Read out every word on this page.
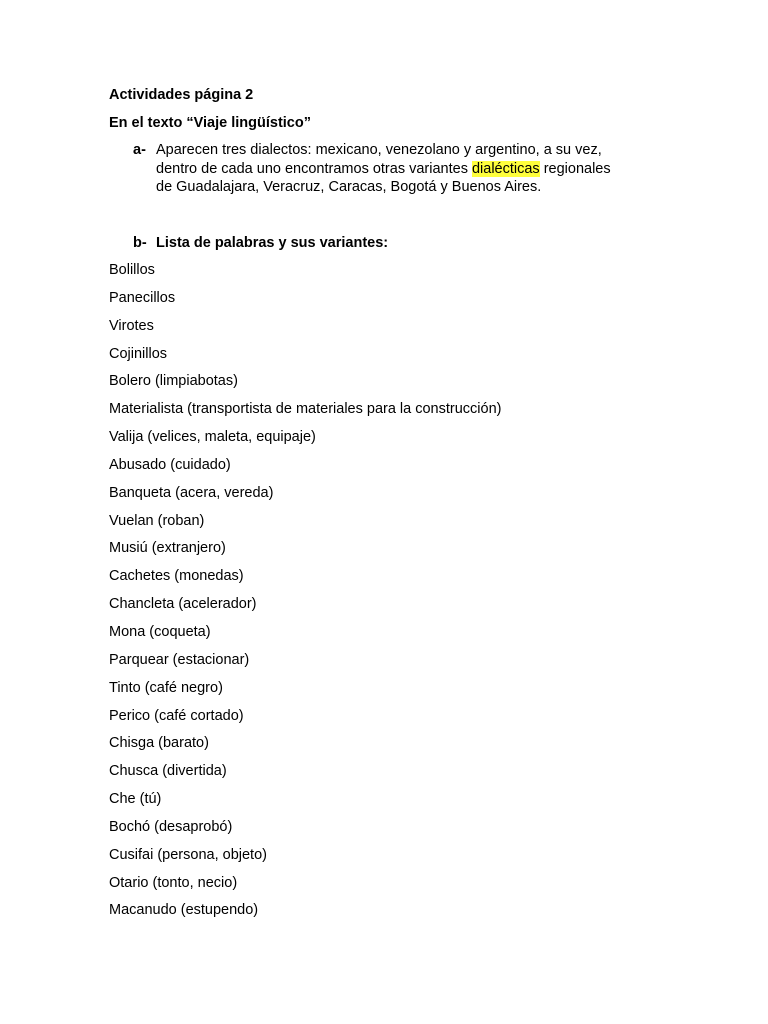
Actividades página 2
En el texto “Viaje lingüístico”
a- Aparecen tres dialectos: mexicano, venezolano y argentino, a su vez,
dentro de cada uno encontramos otras variantes dialécticas regionales
de Guadalajara, Veracruz, Caracas, Bogotá y Buenos Aires.
b- Lista de palabras y sus variantes:
Bolillos
Panecillos
Virotes
Cojinillos
Bolero (limpiabotas)
Materialista (transportista de materiales para la construcción)
Valija (velices, maleta, equipaje)
Abusado (cuidado)
Banqueta (acera, vereda)
Vuelan (roban)
Musiú (extranjero)
Cachetes (monedas)
Chancleta (acelerador)
Mona (coqueta)
Parquear (estacionar)
Tinto (café negro)
Perico (café cortado)
Chisga (barato)
Chusca (divertida)
Che (tú)
Bochó (desaprobó)
Cusifai (persona, objeto)
Otario (tonto, necio)
Macanudo (estupendo)
